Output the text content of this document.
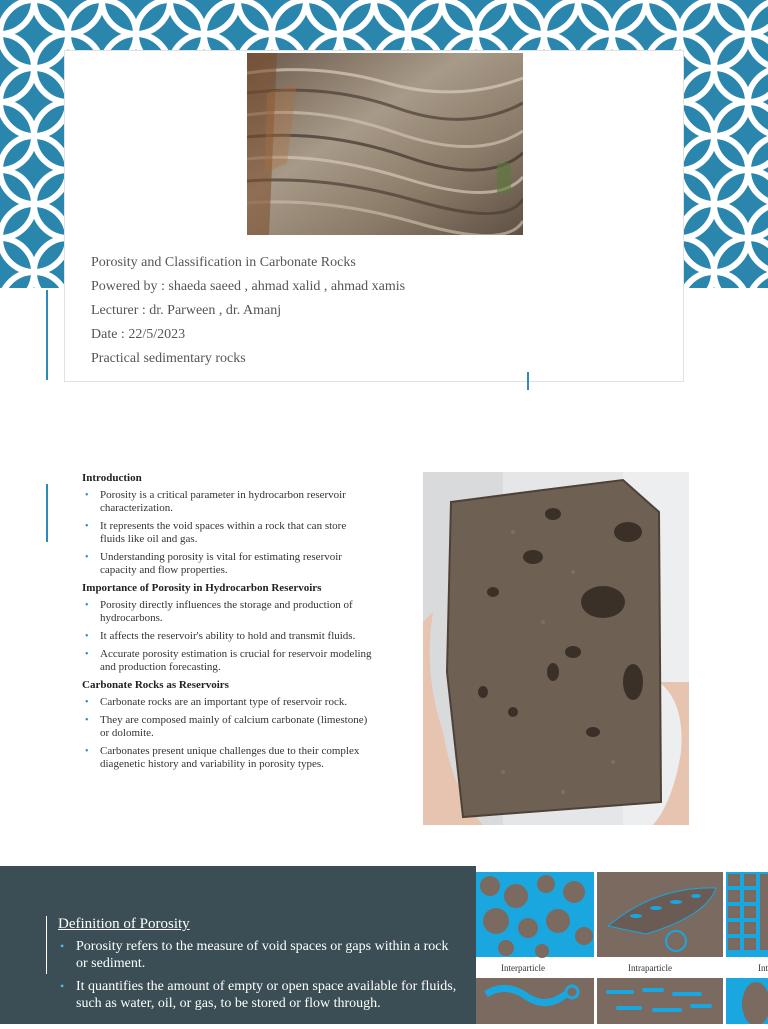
Porosity and Classification in Carbonate Rocks
Powered by : shaeda saeed , ahmad xalid , ahmad xamis
Lecturer : dr. Parween , dr. Amanj
Date : 22/5/2023
Practical sedimentary rocks
Introduction
• Porosity is a critical parameter in hydrocarbon reservoir characterization.
• It represents the void spaces within a rock that can store fluids like oil and gas.
• Understanding porosity is vital for estimating reservoir capacity and flow properties.
Importance of Porosity in Hydrocarbon Reservoirs
• Porosity directly influences the storage and production of hydrocarbons.
• It affects the reservoir's ability to hold and transmit fluids.
• Accurate porosity estimation is crucial for reservoir modeling and production forecasting.
Carbonate Rocks as Reservoirs
• Carbonate rocks are an important type of reservoir rock.
• They are composed mainly of calcium carbonate (limestone) or dolomite.
• Carbonates present unique challenges due to their complex diagenetic history and variability in porosity types.
Definition of Porosity
• Porosity refers to the measure of void spaces or gaps within a rock or sediment.
• It quantifies the amount of empty or open space available for fluids, such as water, oil, or gas, to be stored or flow through.
Interparticle	Intraparticle	Int
